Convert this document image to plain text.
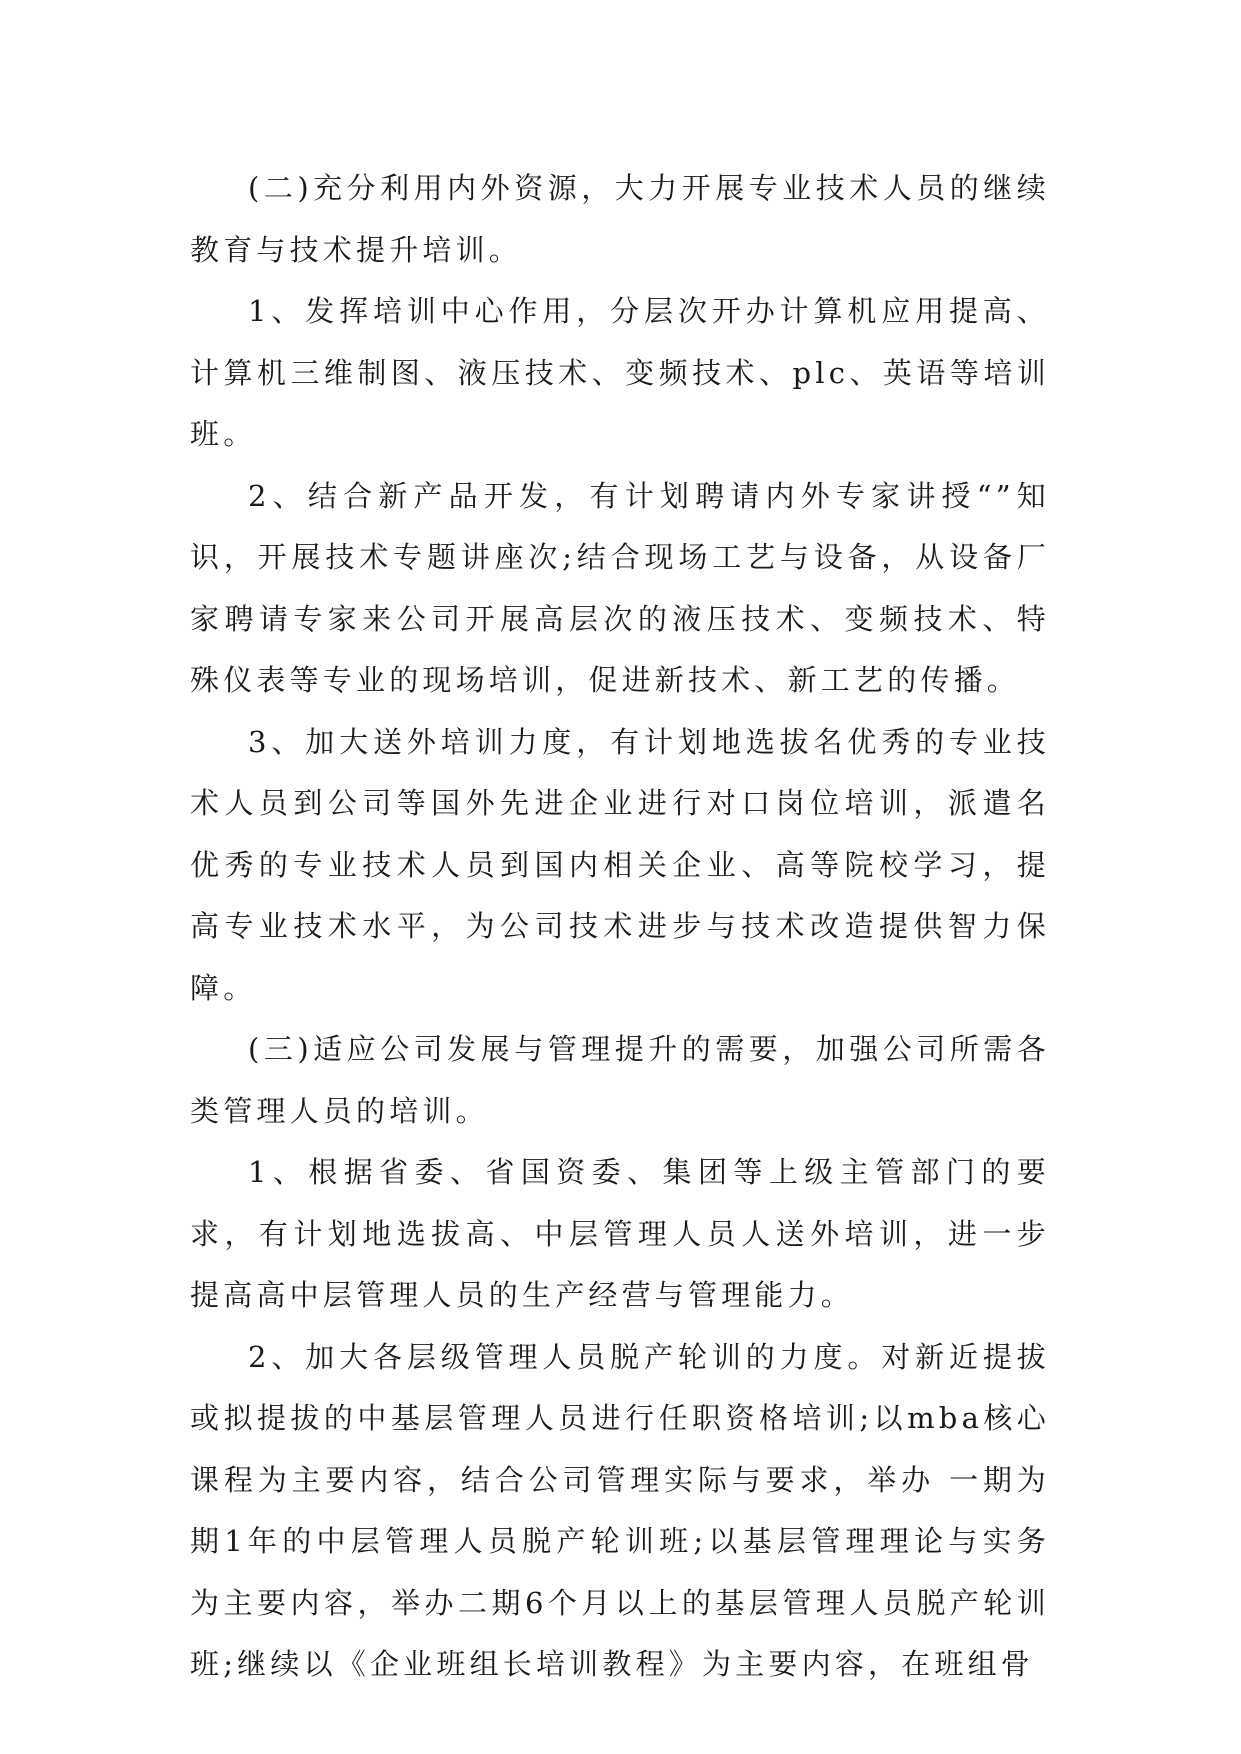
(二)充分利用内外资源，大力开展专业技术人员的继续教育与技术提升培训。

1、发挥培训中心作用，分层次开办计算机应用提高、计算机三维制图、液压技术、变频技术、plc、英语等培训班。

2、结合新产品开发，有计划聘请内外专家讲授“”知识，开展技术专题讲座次;结合现场工艺与设备，从设备厂家聘请专家来公司开展高层次的液压技术、变频技术、特殊仪表等专业的现场培训，促进新技术、新工艺的传播。

3、加大送外培训力度，有计划地选拔名优秀的专业技术人员到公司等国外先进企业进行对口岗位培训，派遣名优秀的专业技术人员到国内相关企业、高等院校学习，提高专业技术水平，为公司技术进步与技术改造提供智力保障。

(三)适应公司发展与管理提升的需要，加强公司所需各类管理人员的培训。

1、根据省委、省国资委、集团等上级主管部门的要求，有计划地选拔高、中层管理人员人送外培训，进一步提高高中层管理人员的生产经营与管理能力。

2、加大各层级管理人员脱产轮训的力度。对新近提拔或拟提拔的中基层管理人员进行任职资格培训;以mba核心课程为主要内容，结合公司管理实际与要求，举办 一期为期1年的中层管理人员脱产轮训班;以基层管理理论与实务为主要内容，举办二期6个月以上的基层管理人员脱产轮训班;继续以《企业班组长培训教程》为主要内容，在班组骨
